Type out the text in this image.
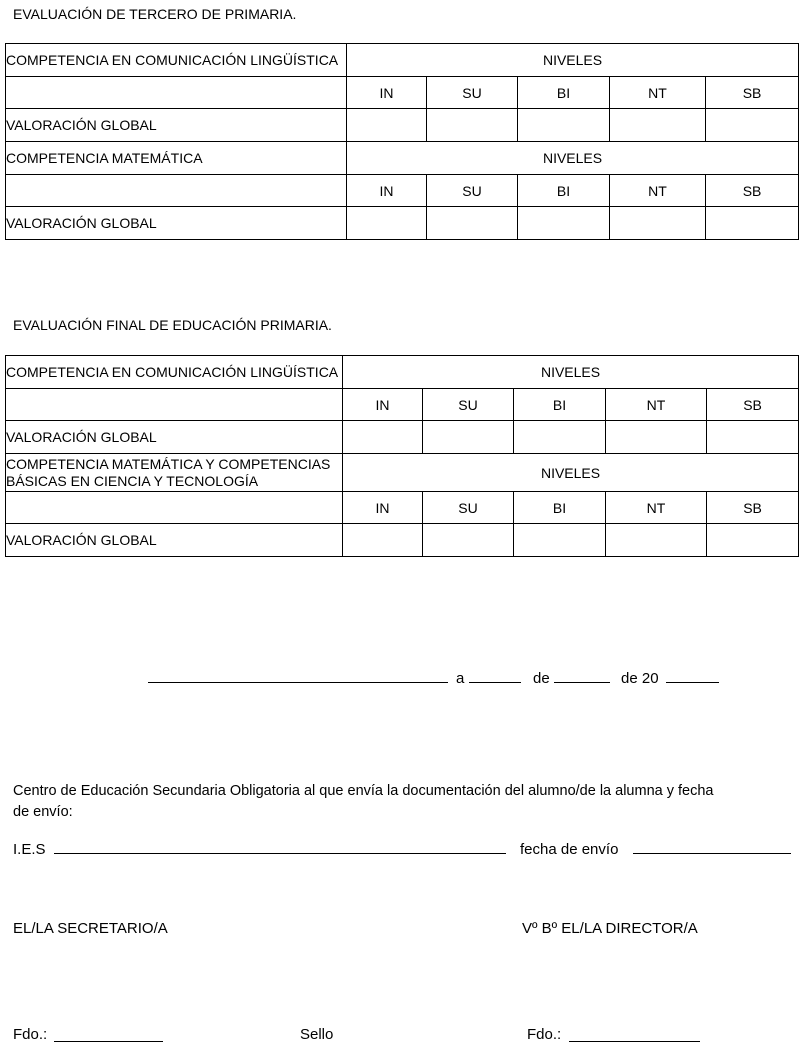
EVALUACIÓN DE TERCERO DE PRIMARIA.
COMPETENCIA EN COMUNICACIÓN LINGÜÍSTICA	NIVELES				
	IN	SU	BI	NT	SB
VALORACIÓN GLOBAL					
COMPETENCIA MATEMÁTICA	NIVELES				
	IN	SU	BI	NT	SB
VALORACIÓN GLOBAL					
EVALUACIÓN FINAL DE EDUCACIÓN PRIMARIA.
COMPETENCIA EN COMUNICACIÓN LINGÜÍSTICA	NIVELES				
	IN	SU	BI	NT	SB
VALORACIÓN GLOBAL					

COMPETENCIA MATEMÁTICA Y COMPETENCIAS
BÁSICAS EN CIENCIA Y TECNOLOGÍA	NIVELES				
	IN	SU	BI	NT	SB
VALORACIÓN GLOBAL					
a	de	de 20
Centro de Educación Secundaria Obligatoria al que envía la documentación del alumno/de la alumna y fecha
de envío:
I.E.S	fecha de envío
EL/LA SECRETARIO/A	Vº Bº EL/LA DIRECTOR/A
Fdo.:	Sello	Fdo.:
